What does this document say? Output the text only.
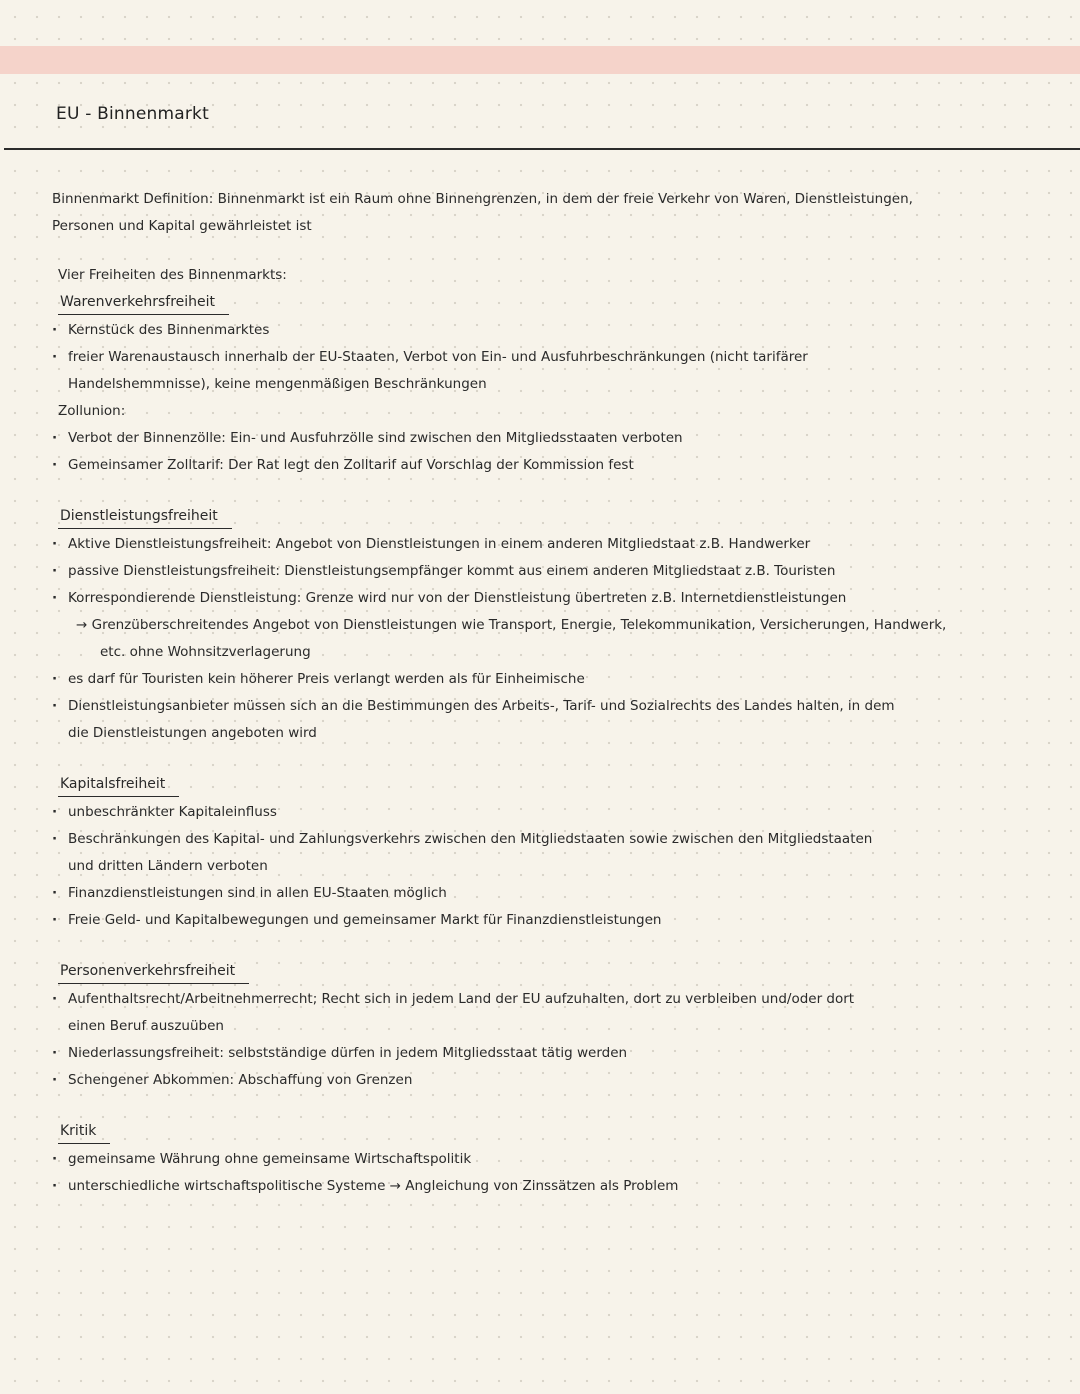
EU - Binnenmarkt

Binnenmarkt Definition: Binnenmarkt ist ein Raum ohne Binnengrenzen, in dem der freie Verkehr von Waren, Dienstleistungen,

Personen und Kapital gewährleistet ist

Vier Freiheiten des Binnenmarkts:

Warenverkehrsfreiheit
· Kernstück des Binnenmarktes
· freier Warenaustausch innerhalb der EU-Staaten, Verbot von Ein- und Ausfuhrbeschränkungen (nicht tarifärer

Handelshemmnisse), keine mengenmäßigen Beschränkungen

Zollunion:

· Verbot der Binnenzölle: Ein- und Ausfuhrzölle sind zwischen den Mitgliedsstaaten verboten
· Gemeinsamer Zolltarif: Der Rat legt den Zolltarif auf Vorschlag der Kommission fest
Dienstleistungsfreiheit
· Aktive Dienstleistungsfreiheit: Angebot von Dienstleistungen in einem anderen Mitgliedstaat z.B. Handwerker
· passive Dienstleistungsfreiheit: Dienstleistungsempfänger kommt aus einem anderen Mitgliedstaat z.B. Touristen
· Korrespondierende Dienstleistung: Grenze wird nur von der Dienstleistung übertreten z.B. Internetdienstleistungen

→ Grenzüberschreitendes Angebot von Dienstleistungen wie Transport, Energie, Telekommunikation, Versicherungen, Handwerk,

etc. ohne Wohnsitzverlagerung

· es darf für Touristen kein höherer Preis verlangt werden als für Einheimische
· Dienstleistungsanbieter müssen sich an die Bestimmungen des Arbeits-, Tarif- und Sozialrechts des Landes halten, in dem

die Dienstleistungen angeboten wird

Kapitalsfreiheit
· unbeschränkter Kapitaleinfluss
· Beschränkungen des Kapital- und Zahlungsverkehrs zwischen den Mitgliedstaaten sowie zwischen den Mitgliedstaaten

und dritten Ländern verboten

· Finanzdienstleistungen sind in allen EU-Staaten möglich
· Freie Geld- und Kapitalbewegungen und gemeinsamer Markt für Finanzdienstleistungen
Personenverkehrsfreiheit
· Aufenthaltsrecht/Arbeitnehmerrecht; Recht sich in jedem Land der EU aufzuhalten, dort zu verbleiben und/oder dort

einen Beruf auszuüben

· Niederlassungsfreiheit: selbstständige dürfen in jedem Mitgliedsstaat tätig werden
· Schengener Abkommen: Abschaffung von Grenzen
Kritik
· gemeinsame Währung ohne gemeinsame Wirtschaftspolitik
· unterschiedliche wirtschaftspolitische Systeme → Angleichung von Zinssätzen als Problem
